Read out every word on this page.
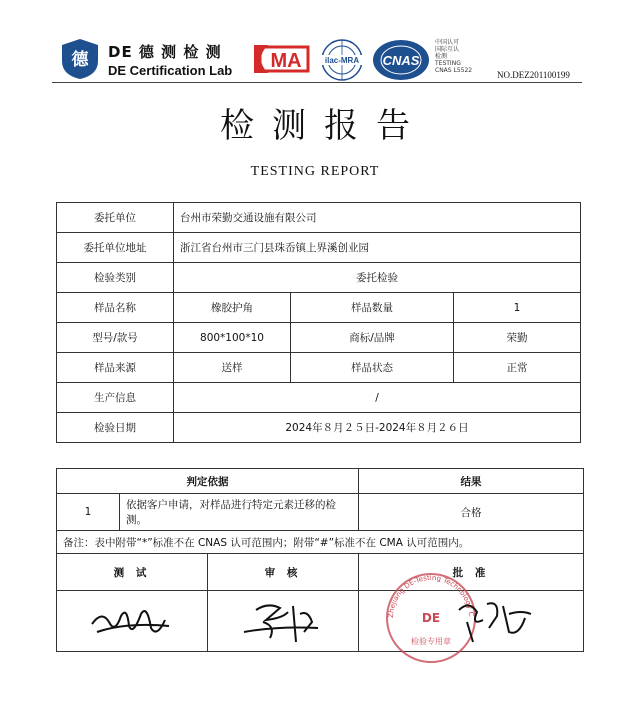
德 DE 德 测 检 测
DE Certification Lab MA	ilac-MRA CNAS
中国认可
国际互认
检测
TESTING
CNAS L5522	NO.DEZ201100199
检测报告
TESTING REPORT
委托单位	台州市荣勤交通设施有限公司		
委托单位地址	浙江省台州市三门县珠岙镇上界溪创业园		
检验类别	委托检验		
样品名称	橡胶护角	样品数量	1
型号/款号	800*100*10	商标/品牌	荣勤
样品来源	送样	样品状态	正常
生产信息	/		
检验日期	2024年８月２５日-2024年８月２６日		
判定依据			结果
1	依据客户申请，对样品进行特定元素迁移的检测。		合格
备注：表中附带“*”标准不在 CNAS 认可范围内；附带“#”标准不在 CMA 认可范围内。			
测 试		审 核	批 准

Zhejiang DE-Testing Technology Co., Ltd
DE
检验专用章
